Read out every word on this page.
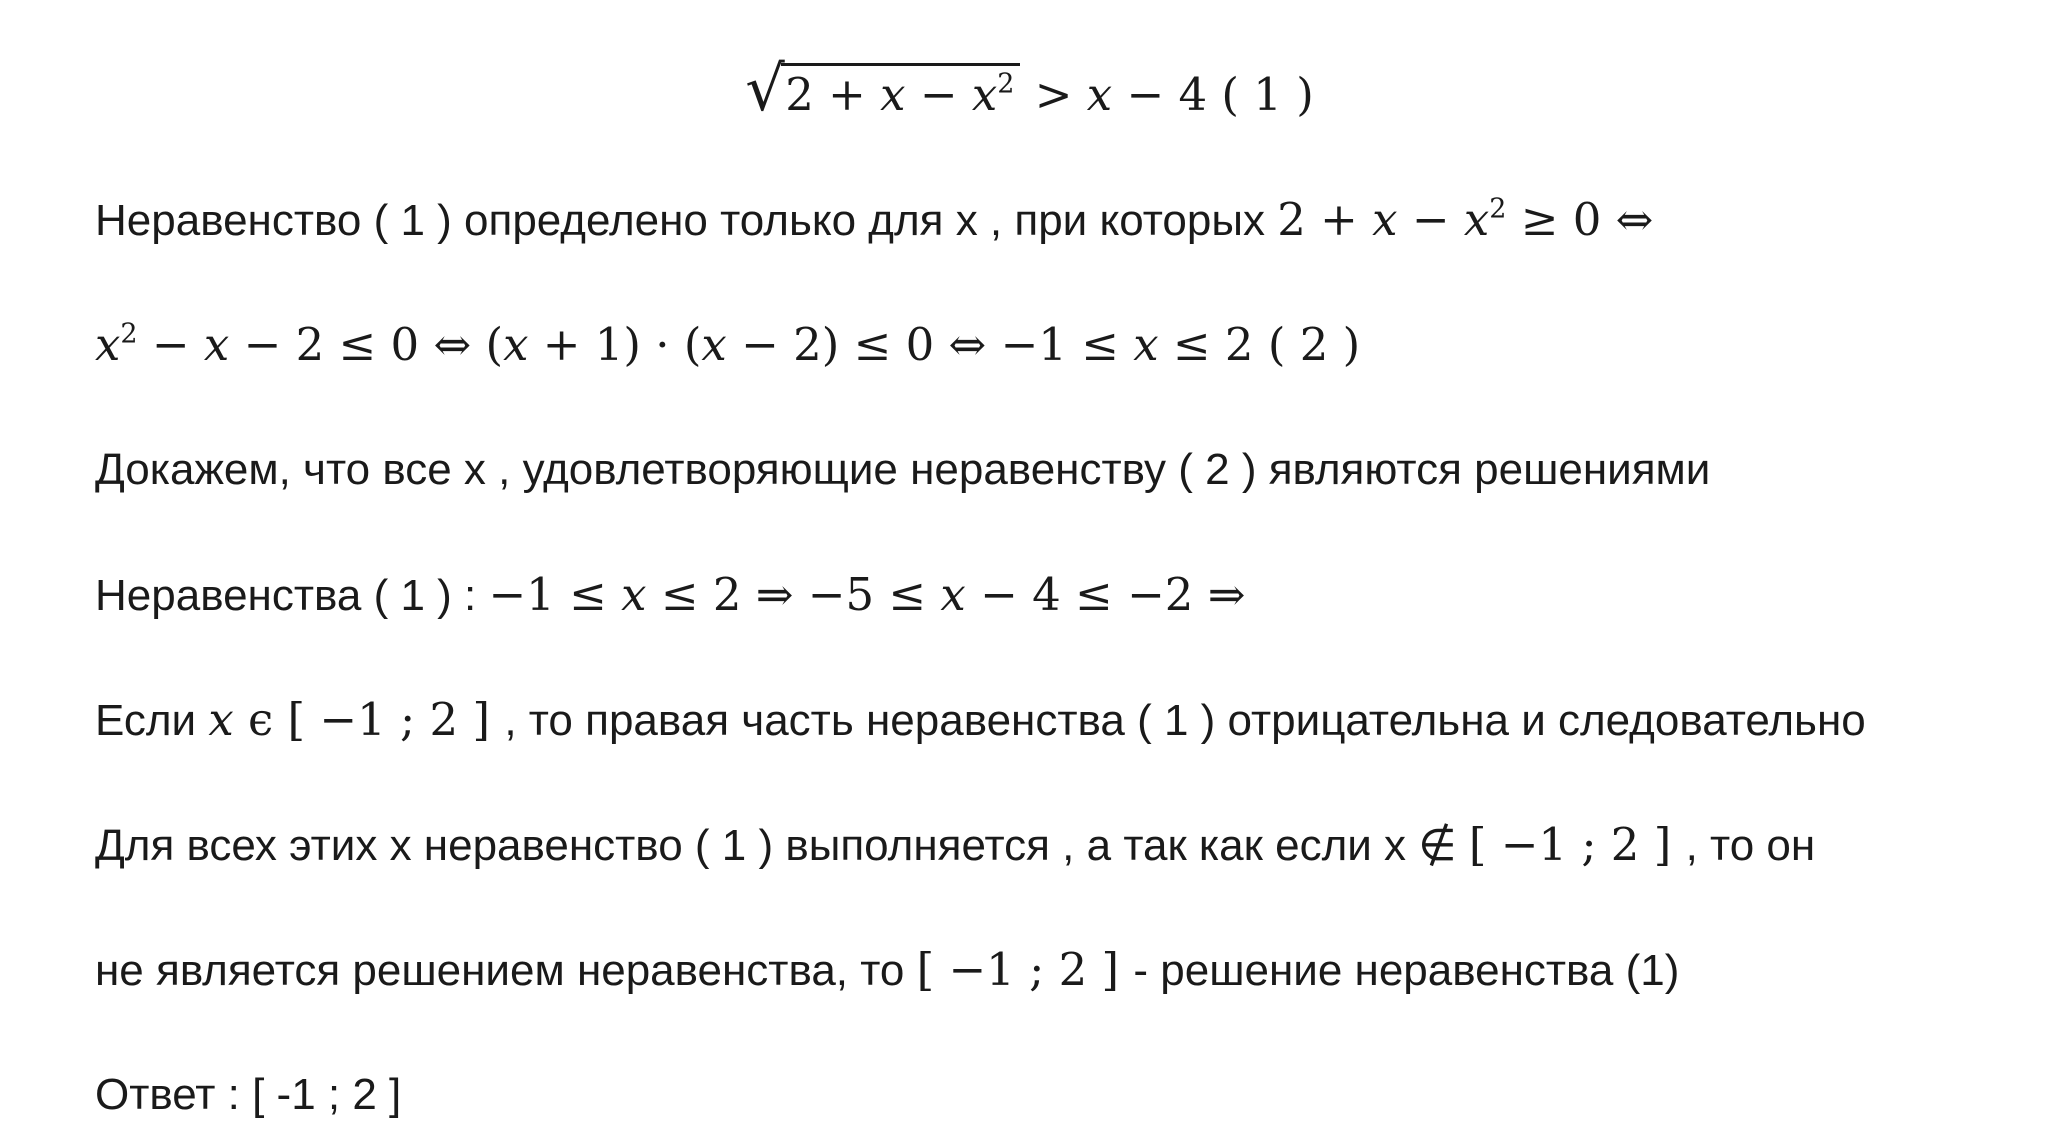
√ $2 + x - x^2 > x - 4$ ( 1 )
Неравенство ( 1 ) определено только для x , при которых $2 + x - x^2 \ge 0$ ⇔
$x^2 - x - 2 \le 0$ ⇔ (x + 1) · (x − 2) ≤ 0 ⇔ −1 ≤ x ≤ 2 ( 2 )
Докажем, что все x , удовлетворяющие неравенству ( 2 ) являются решениями
Неравенства ( 1 ) : −1 ≤ x ≤ 2 ⇒ −5 ≤ x − 4 ≤ −2 ⇒
Если x ϵ [ −1 ; 2 ] , то правая часть неравенства ( 1 ) отрицательна и следовательно
Для всех этих x неравенство ( 1 ) выполняется , а так как если x ∉ [ −1 ; 2 ] , то он
не является решением неравенства, то [ −1 ; 2 ] - решение неравенства (1)
Ответ : [ -1 ; 2 ]
